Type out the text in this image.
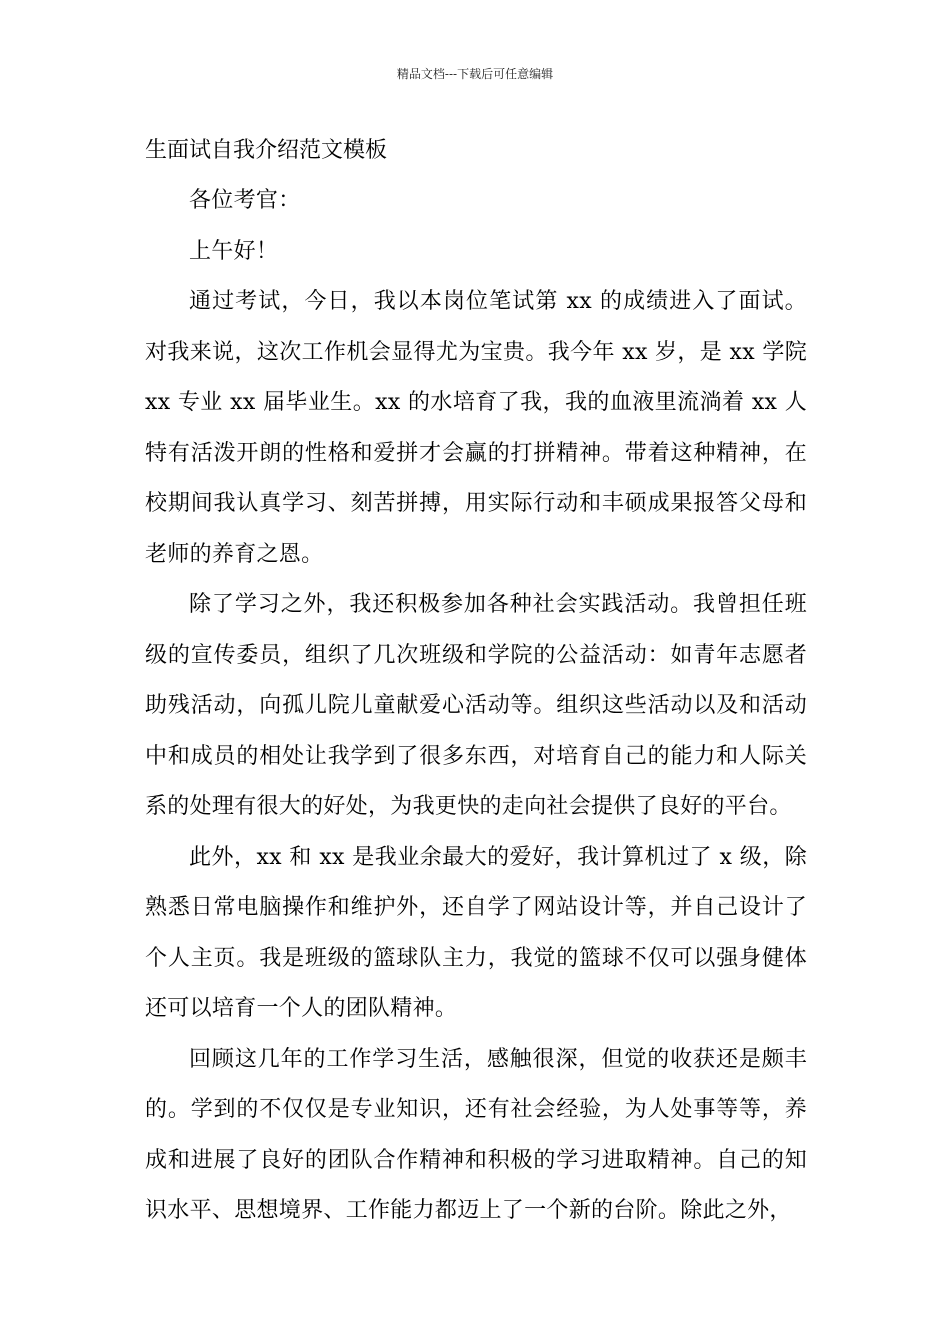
精品文档---下载后可任意编辑

生面试自我介绍范文模板

各位考官：

上午好！

通过考试，今日，我以本岗位笔试第 xx 的成绩进入了面试。对我来说，这次工作机会显得尤为宝贵。我今年 xx 岁，是 xx 学院 xx 专业 xx 届毕业生。xx 的水培育了我，我的血液里流淌着 xx 人特有活泼开朗的性格和爱拼才会赢的打拼精神。带着这种精神，在校期间我认真学习、刻苦拼搏，用实际行动和丰硕成果报答父母和老师的养育之恩。

除了学习之外，我还积极参加各种社会实践活动。我曾担任班级的宣传委员，组织了几次班级和学院的公益活动：如青年志愿者助残活动，向孤儿院儿童献爱心活动等。组织这些活动以及和活动中和成员的相处让我学到了很多东西，对培育自己的能力和人际关系的处理有很大的好处，为我更快的走向社会提供了良好的平台。

此外，xx 和 xx 是我业余最大的爱好，我计算机过了 x 级，除熟悉日常电脑操作和维护外，还自学了网站设计等，并自己设计了个人主页。我是班级的篮球队主力，我觉的篮球不仅可以强身健体还可以培育一个人的团队精神。

回顾这几年的工作学习生活，感触很深，但觉的收获还是颇丰的。学到的不仅仅是专业知识，还有社会经验，为人处事等等，养成和进展了良好的团队合作精神和积极的学习进取精神。自己的知识水平、思想境界、工作能力都迈上了一个新的台阶。除此之外，
